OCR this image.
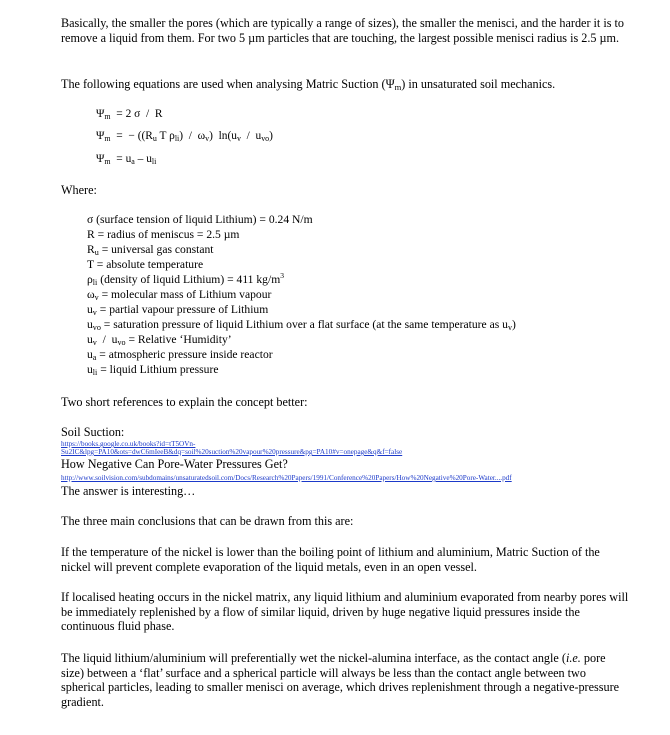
Basically, the smaller the pores (which are typically a range of sizes), the smaller the menisci, and the harder it is to remove a liquid from them. For two 5 µm particles that are touching, the largest possible menisci radius is 2.5 µm.

The following equations are used when analysing Matric Suction $(\Psi_m)$ in unsaturated soil mechanics.

$\Psi_m = 2$ σ  /  R
$\Psi_m$  =  − (($R_u$ T $\rho_{li}) / \omega_v$)  $\ln(u_v / u_{vo})$
$\Psi_m = u_a - u_{li}$

Where:

σ (surface tension of liquid Lithium) = 0.24 N/m
R = radius of meniscus = 2.5 µm
$R_u$ = universal gas constant
T = absolute temperature
$\rho_{li}$ (density of liquid Lithium) = 411 $kg/m^3$
$\omega_v$ = molecular mass of Lithium vapour
$u_v$ = partial vapour pressure of Lithium
$u_{vo}$ = saturation pressure of liquid Lithium over a flat surface (at the same temperature as $u_v$)
$u_v / u_{vo}$ = Relative ‘Humidity’
$u_a$ = atmospheric pressure inside reactor
$u_{li}$ = liquid Lithium pressure

Two short references to explain the concept better:

Soil Suction:
https://books.google.co.uk/books?id=tT5OVn-
Su2IC&lpg=PA10&ots=dwC6mIeeB&dq=soil%20suction%20vapour%20pressure&pg=PA10#v=onepage&q&f=false
How Negative Can Pore-Water Pressures Get?
http://www.soilvision.com/subdomains/unsaturatedsoil.com/Docs/Research%20Papers/1991/Conference%20Papers/How%20Negative%20Pore-Water....pdf
The answer is interesting…

The three main conclusions that can be drawn from this are:

If the temperature of the nickel is lower than the boiling point of lithium and aluminium, Matric Suction of the nickel will prevent complete evaporation of the liquid metals, even in an open vessel.

If localised heating occurs in the nickel matrix, any liquid lithium and aluminium evaporated from nearby pores will be immediately replenished by a flow of similar liquid, driven by huge negative liquid pressures inside the continuous fluid phase.

The liquid lithium/aluminium will preferentially wet the nickel-alumina interface, as the contact angle (i.e. pore size) between a ‘flat’ surface and a spherical particle will always be less than the contact angle between two spherical particles, leading to smaller menisci on average, which drives replenishment through a negative-pressure gradient.
